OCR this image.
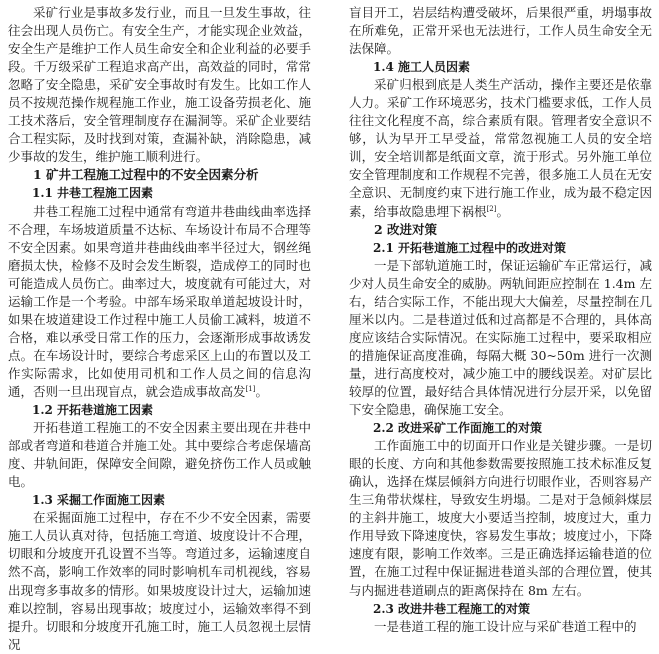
采矿行业是事故多发行业，而且一旦发生事故，往往会出现人员伤亡。有安全生产，才能实现企业效益，安全生产是维护工作人员生命安全和企业利益的必要手段。千万级采矿工程追求高产出，高效益的同时，常常忽略了安全隐患，采矿安全事故时有发生。比如工作人员不按规范操作规程施工作业，施工设备劳损老化、施工技术落后，安全管理制度存在漏洞等。采矿企业要结合工程实际，及时找到对策，查漏补缺，消除隐患，减少事故的发生，维护施工顺利进行。

1 矿井工程施工过程中的不安全因素分析
1.1 井巷工程施工因素

井巷工程施工过程中通常有弯道井巷曲线曲率选择不合理，车场坡道质量不达标、车场设计布局不合理等不安全因素。如果弯道井巷曲线曲率半径过大，钢丝绳磨损太快，检修不及时会发生断裂，造成停工的同时也可能造成人员伤亡。曲率过大，坡度就有可能过大，对运输工作是一个考验。中部车场采取单道起坡设计时，如果在坡道建设工作过程中施工人员偷工减料，坡道不合格，难以承受日常工作的压力，会逐渐形成事故诱发点。在车场设计时，要综合考虑采区上山的布置以及工作实际需求，比如使用司机和工作人员之间的信息沟通，否则一旦出现盲点，就会造成事故高发[1]。

1.2 开拓巷道施工因素

开拓巷道工程施工的不安全因素主要出现在井巷中部或者弯道和巷道合并施工处。其中要综合考虑保墙高度、井轨间距，保障安全间隙，避免挤伤工作人员或触电。

1.3 采掘工作面施工因素

在采掘面施工过程中，存在不少不安全因素，需要施工人员认真对待，包括施工弯道、坡度设计不合理，切眼和分坡度开孔设置不当等。弯道过多，运输速度自然不高，影响工作效率的同时影响机车司机视线，容易出现弯多事故多的情形。如果坡度设计过大，运输加速难以控制，容易出现事故；坡度过小，运输效率得不到提升。切眼和分坡度开孔施工时，施工人员忽视土层情况

盲目开工，岩层结构遭受破坏，后果很严重，坍塌事故在所难免，正常开采也无法进行，工作人员生命安全无法保障。

1.4 施工人员因素

采矿归根到底是人类生产活动，操作主要还是依靠人力。采矿工作环境恶劣，技术门槛要求低，工作人员往往文化程度不高，综合素质有限。管理者安全意识不够，认为早开工早受益，常常忽视施工人员的安全培训，安全培训都是纸面文章，流于形式。另外施工单位安全管理制度和工作规程不完善，很多施工人员在无安全意识、无制度约束下进行施工作业，成为最不稳定因素，给事故隐患埋下祸根[2]。

2 改进对策
2.1 开拓巷道施工过程中的改进对策

一是下部轨道施工时，保证运输矿车正常运行，减少对人员生命安全的威胁。两轨间距应控制在 1.4m 左右，结合实际工作，不能出现大大偏差，尽量控制在几厘米以内。二是巷道过低和过高都是不合理的，具体高度应该结合实际情况。在实际施工过程中，要采取相应的措施保证高度准确，每隔大概 30~50m 进行一次测量，进行高度校对，减少施工中的腰线误差。对矿层比较厚的位置，最好结合具体情况进行分层开采，以免留下安全隐患，确保施工安全。

2.2 改进采矿工作面施工的对策

工作面施工中的切面开口作业是关键步骤。一是切眼的长度、方向和其他参数需要按照施工技术标准反复确认，选择在煤层倾斜方向进行切眼作业，否则容易产生三角带状煤柱，导致安生坍塌。二是对于急倾斜煤层的主斜井施工，坡度大小要适当控制，坡度过大，重力作用导致下降速度快，容易发生事故；坡度过小，下降速度有限，影响工作效率。三是正确选择运输巷道的位置，在施工过程中保证掘进巷道头部的合理位置，使其与内掘进巷道刷点的距离保持在 8m 左右。

2.3 改进井巷工程施工的对策

一是巷道工程的施工设计应与采矿巷道工程中的
